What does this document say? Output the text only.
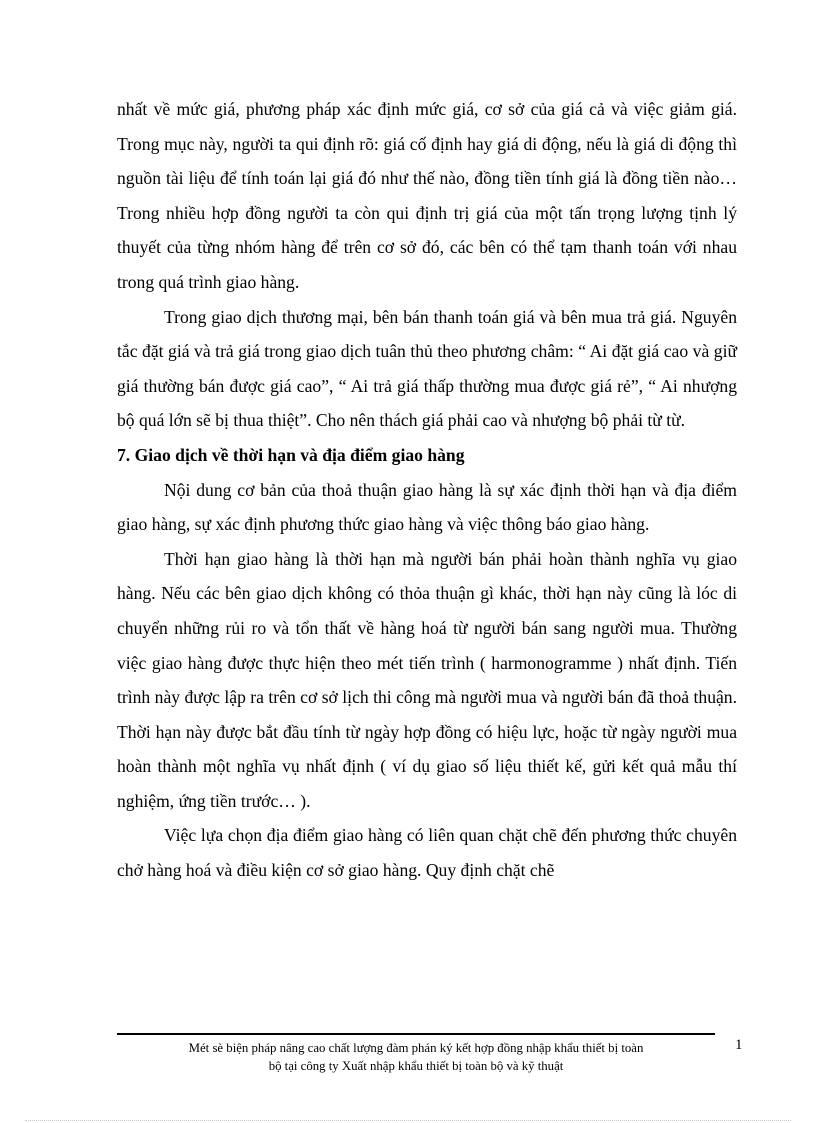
nhất về mức giá, phương pháp xác định mức giá, cơ sở của giá cả và việc giảm giá. Trong mục này, người ta qui định rõ: giá cố định hay giá di động, nếu là giá di động thì nguồn tài liệu để tính toán lại giá đó như thế nào, đồng tiền tính giá là đồng tiền nào…Trong nhiều hợp đồng người ta còn qui định trị giá của một tấn trọng lượng tịnh lý thuyết của từng nhóm hàng để trên cơ sở đó, các bên có thể tạm thanh toán với nhau trong quá trình giao hàng.

Trong giao dịch thương mại, bên bán thanh toán giá và bên mua trả giá. Nguyên tắc đặt giá và trả giá trong giao dịch tuân thủ theo phương châm: “ Ai đặt giá cao và giữ giá thường bán được giá cao”, “ Ai trả giá thấp thường mua được giá rẻ”, “ Ai nhượng bộ quá lớn sẽ bị thua thiệt”. Cho nên thách giá phải cao và nhượng bộ phải từ từ.

7. Giao dịch về thời hạn và địa điểm giao hàng

Nội dung cơ bản của thoả thuận giao hàng là sự xác định thời hạn và địa điểm giao hàng, sự xác định phương thức giao hàng và việc thông báo giao hàng.

Thời hạn giao hàng là thời hạn mà người bán phải hoàn thành nghĩa vụ giao hàng. Nếu các bên giao dịch không có thỏa thuận gì khác, thời hạn này cũng là lóc di chuyển những rủi ro và tổn thất về hàng hoá từ người bán sang người mua. Thường việc giao hàng được thực hiện theo mét tiến trình ( harmonogramme ) nhất định. Tiến trình này được lập ra trên cơ sở lịch thi công mà người mua và người bán đã thoả thuận. Thời hạn này được bắt đầu tính từ ngày hợp đồng có hiệu lực, hoặc từ ngày người mua hoàn thành một nghĩa vụ nhất định ( ví dụ giao số liệu thiết kế, gửi kết quả mẫu thí nghiệm, ứng tiền trước… ).

Việc lựa chọn địa điểm giao hàng có liên quan chặt chẽ đến phương thức chuyên chở hàng hoá và điều kiện cơ sở giao hàng. Quy định chặt chẽ

Mét sè biện pháp nâng cao chất lượng đàm phán ký kết hợp đồng nhập khẩu thiết bị toàn
bộ tại công ty Xuất nhập khẩu thiết bị toàn bộ và kỹ thuật
1
